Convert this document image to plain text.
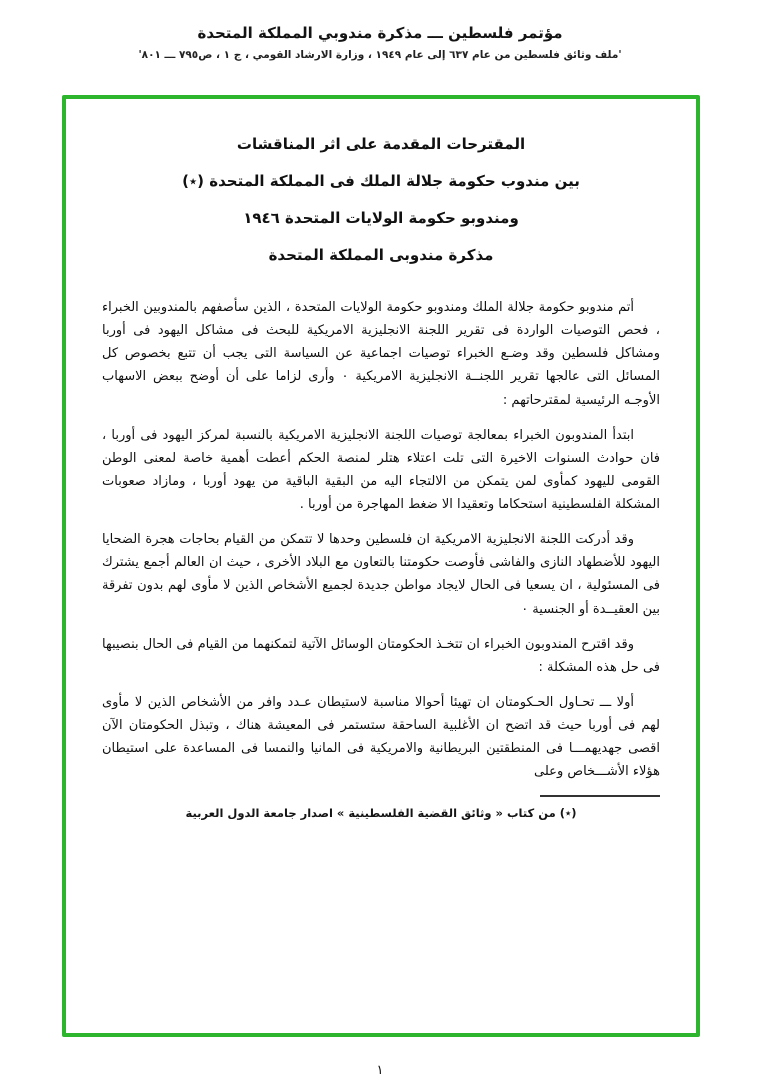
مؤتمر فلسطين ـــ مذكرة مندوبي المملكة المتحدة
'ملف وثائق فلسطين من عام ٦٣٧ إلى عام ١٩٤٩ ، وزارة الارشاد القومي ، ج ١ ، ص٧٩٥ ـــ ٨٠١'
المقترحات المقدمة على اثر المناقشات
بين مندوب حكومة جلالة الملك فى المملكة المتحدة (٭)
ومندوبو حكومة الولايات المتحدة ١٩٤٦
مذكرة مندوبى المملكة المتحدة

أتم مندوبو حكومة جلالة الملك ومندوبو حكومة الولايات المتحدة ، الذين سأصفهم بالمندوبين الخبراء ، فحص التوصيات الواردة فى تقرير اللجنة الانجليزية الامريكية للبحث فى مشاكل اليهود فى أوربا ومشاكل فلسطين وقد وضـع الخبراء توصيات اجماعية عن السياسة التى يجب أن تتبع بخصوص كل المسائل التى عالجها تقرير اللجنــة الانجليزية الامريكية ٠ وأرى لزاما على أن أوضح ببعض الاسهاب الأوجـه الرئيسية لمقترحاتهم :

ابتدأ المندوبون الخبراء بمعالجة توصيات اللجنة الانجليزية الامريكية بالنسبة لمركز اليهود فى أوربا ، فان حوادث السنوات الاخيرة التى تلت اعتلاء هتلر لمنصة الحكم أعطت أهمية خاصة لمعنى الوطن القومى لليهود كمأوى لمن يتمكن من الالتجاء اليه من البقية الباقية من يهود أوربا ، ومازاد صعوبات المشكلة الفلسطينية استحكاما وتعقيدا الا ضغط المهاجرة من أوربا .

وقد أدركت اللجنة الانجليزية الامريكية ان فلسطين وحدها لا تتمكن من القيام بحاجات هجرة الضحايا اليهود للأضطهاد النازى والفاشى فأوصت حكومتنا بالتعاون مع البلاد الأخرى ، حيث ان العالم أجمع يشترك فى المسئولية ، ان يسعيا فى الحال لايجاد مواطن جديدة لجميع الأشخاص الذين لا مأوى لهم بدون تفرقة بين العقيــدة أو الجنسية ٠

وقد اقترح المندوبون الخبراء ان تتخـذ الحكومتان الوسائل الآتية لتمكنهما من القيام فى الحال بنصيبها فى حل هذه المشكلة :

أولا ـــ تحـاول الحـكومتان ان تهيئا أحوالا مناسبة لاستيطان عـدد وافر من الأشخاص الذين لا مأوى لهم فى أوربا حيث قد اتضح ان الأغلبية الساحقة ستستمر فى المعيشة هناك ، وتبذل الحكومتان الآن اقصى جهديهمـــا فى المنطقتين البريطانية والامريكية فى المانيا والنمسا فى المساعدة على استيطان هؤلاء الأشـــخاص وعلى

(٭) من كتاب « وثائق القضية الفلسطينية » اصدار جامعة الدول العربية
١
